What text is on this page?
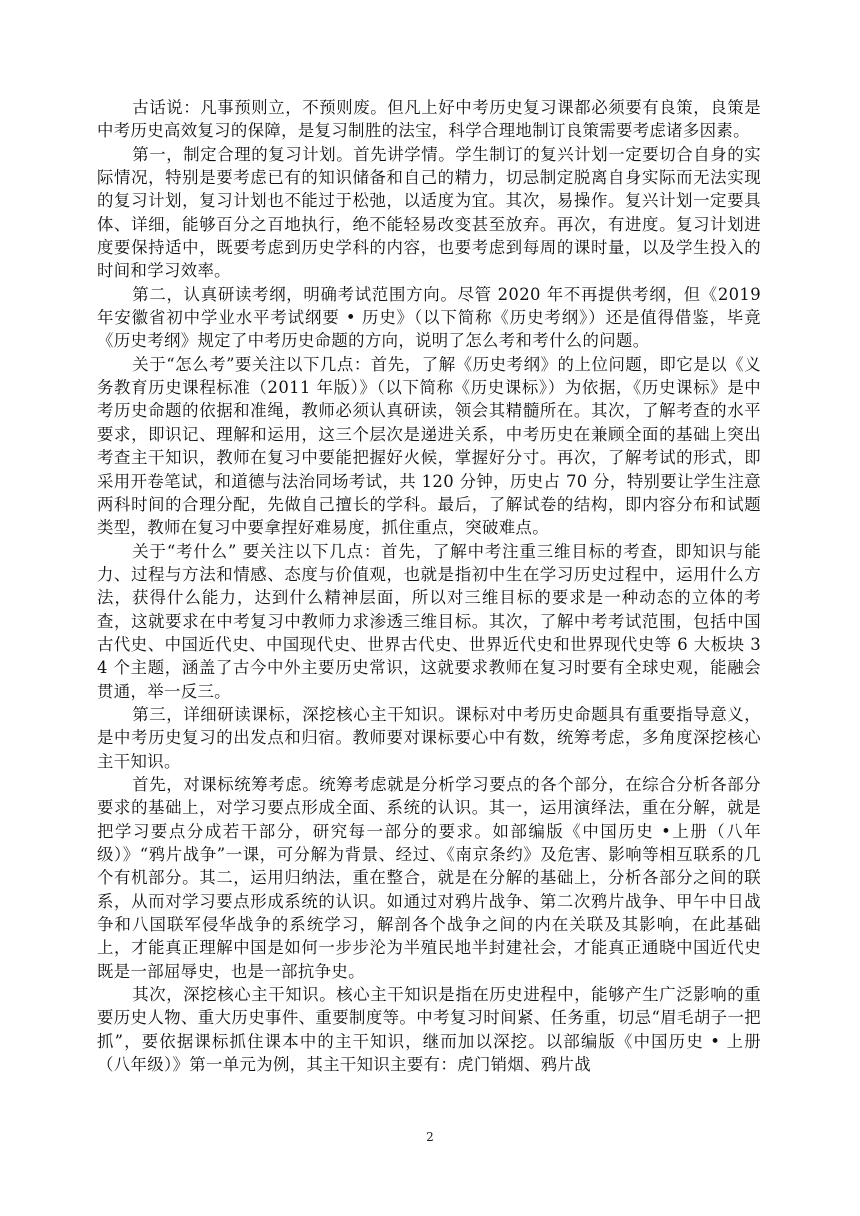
古话说：凡事预则立，不预则废。但凡上好中考历史复习课都必须要有良策，良策是中考历史高效复习的保障，是复习制胜的法宝，科学合理地制订良策需要考虑诸多因素。

第一，制定合理的复习计划。首先讲学情。学生制订的复兴计划一定要切合自身的实际情况，特别是要考虑已有的知识储备和自己的精力，切忌制定脱离自身实际而无法实现的复习计划，复习计划也不能过于松弛，以适度为宜。其次，易操作。复兴计划一定要具体、详细，能够百分之百地执行，绝不能轻易改变甚至放弃。再次，有进度。复习计划进度要保持适中，既要考虑到历史学科的内容，也要考虑到每周的课时量，以及学生投入的时间和学习效率。

第二，认真研读考纲，明确考试范围方向。尽管 2020 年不再提供考纲，但《2019 年安徽省初中学业水平考试纲要 • 历史》（以下简称《历史考纲》）还是值得借鉴，毕竟《历史考纲》规定了中考历史命题的方向，说明了怎么考和考什么的问题。

关于“怎么考”要关注以下几点：首先，了解《历史考纲》的上位问题，即它是以《义务教育历史课程标准（2011 年版）》（以下简称《历史课标》）为依据，《历史课标》是中考历史命题的依据和准绳，教师必须认真研读，领会其精髓所在。其次，了解考查的水平要求，即识记、理解和运用，这三个层次是递进关系，中考历史在兼顾全面的基础上突出考查主干知识，教师在复习中要能把握好火候，掌握好分寸。再次，了解考试的形式，即采用开卷笔试，和道德与法治同场考试，共 120 分钟，历史占 70 分，特别要让学生注意两科时间的合理分配，先做自己擅长的学科。最后，了解试卷的结构，即内容分布和试题类型，教师在复习中要拿捏好难易度，抓住重点，突破难点。

关于“考什么” 要关注以下几点：首先，了解中考注重三维目标的考查，即知识与能力、过程与方法和情感、态度与价值观，也就是指初中生在学习历史过程中，运用什么方法，获得什么能力，达到什么精神层面，所以对三维目标的要求是一种动态的立体的考查，这就要求在中考复习中教师力求渗透三维目标。其次，了解中考考试范围，包括中国古代史、中国近代史、中国现代史、世界古代史、世界近代史和世界现代史等 6 大板块 34 个主题，涵盖了古今中外主要历史常识，这就要求教师在复习时要有全球史观，能融会贯通，举一反三。

第三，详细研读课标，深挖核心主干知识。课标对中考历史命题具有重要指导意义，是中考历史复习的出发点和归宿。教师要对课标要心中有数，统筹考虑，多角度深挖核心主干知识。

首先，对课标统筹考虑。统筹考虑就是分析学习要点的各个部分，在综合分析各部分要求的基础上，对学习要点形成全面、系统的认识。其一，运用演绎法，重在分解，就是把学习要点分成若干部分，研究每一部分的要求。如部编版《中国历史 •上册（八年级）》“鸦片战争”一课，可分解为背景、经过、《南京条约》及危害、影响等相互联系的几个有机部分。其二，运用归纳法，重在整合，就是在分解的基础上，分析各部分之间的联系，从而对学习要点形成系统的认识。如通过对鸦片战争、第二次鸦片战争、甲午中日战争和八国联军侵华战争的系统学习，解剖各个战争之间的内在关联及其影响，在此基础上，才能真正理解中国是如何一步步沦为半殖民地半封建社会，才能真正通晓中国近代史既是一部屈辱史，也是一部抗争史。

其次，深挖核心主干知识。核心主干知识是指在历史进程中，能够产生广泛影响的重要历史人物、重大历史事件、重要制度等。中考复习时间紧、任务重，切忌“眉毛胡子一把抓”，要依据课标抓住课本中的主干知识，继而加以深挖。以部编版《中国历史 • 上册（八年级）》第一单元为例，其主干知识主要有：虎门销烟、鸦片战

2
